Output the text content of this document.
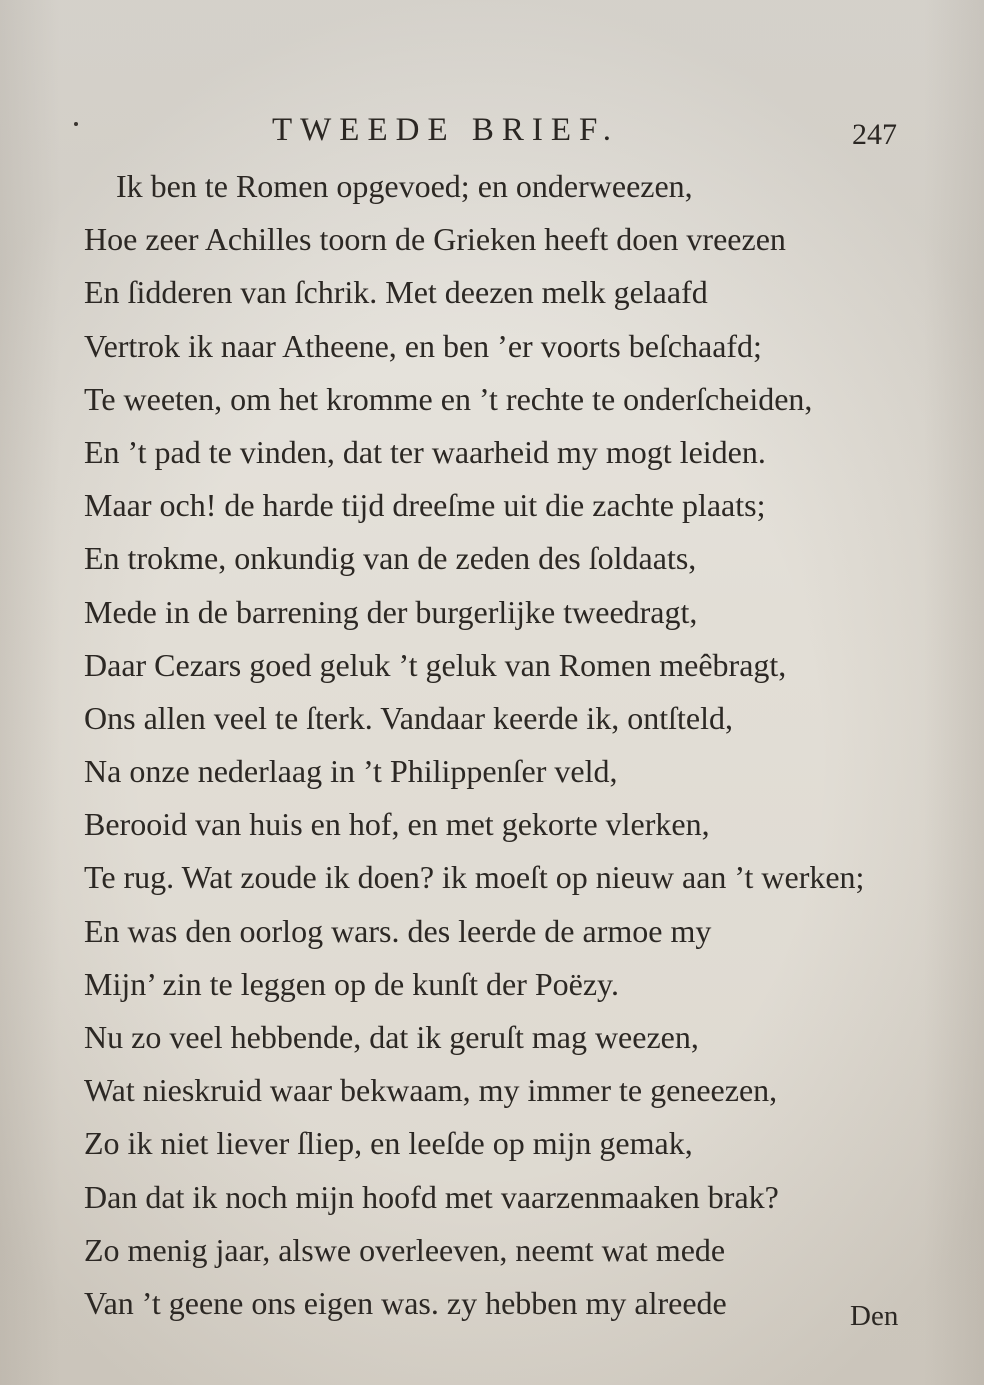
TWEEDE BRIEF.	247
Ik ben te Romen opgevoed; en onderweezen,
Hoe zeer Achilles toorn de Grieken heeft doen vreezen
En ſidderen van ſchrik. Met deezen melk gelaafd
Vertrok ik naar Atheene, en ben ’er voorts beſchaafd;
Te weeten, om het kromme en ’t rechte te onderſcheiden,
En ’t pad te vinden, dat ter waarheid my mogt leiden.
Maar och! de harde tijd dreeſme uit die zachte plaats;
En trokme, onkundig van de zeden des ſoldaats,
Mede in de barrening der burgerlijke tweedragt,
Daar Cezars goed geluk ’t geluk van Romen meêbragt,
Ons allen veel te ſterk. Vandaar keerde ik, ontſteld,
Na onze nederlaag in ’t Philippenſer veld,
Berooid van huis en hof, en met gekorte vlerken,
Te rug. Wat zoude ik doen? ik moeſt op nieuw aan ’t werken;
En was den oorlog wars. des leerde de armoe my
Mijn’ zin te leggen op de kunſt der Poëzy.
Nu zo veel hebbende, dat ik geruſt mag weezen,
Wat nieskruid waar bekwaam, my immer te geneezen,
Zo ik niet liever ſliep, en leeſde op mijn gemak,
Dan dat ik noch mijn hoofd met vaarzenmaaken brak?
Zo menig jaar, alswe overleeven, neemt wat mede
Van ’t geene ons eigen was. zy hebben my alreede	Den
